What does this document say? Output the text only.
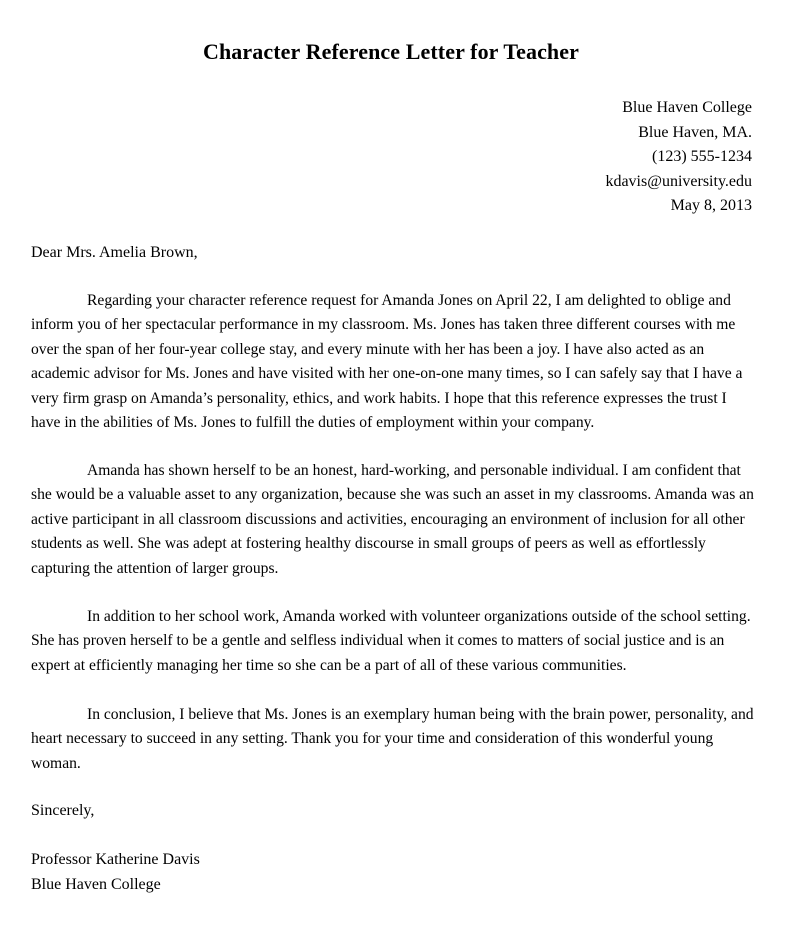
Character Reference Letter for Teacher
Blue Haven College
Blue Haven, MA.
(123) 555-1234
kdavis@university.edu
May 8, 2013
Dear Mrs. Amelia Brown,

Regarding your character reference request for Amanda Jones on April 22, I am delighted to oblige and inform you of her spectacular performance in my classroom. Ms. Jones has taken three different courses with me over the span of her four-year college stay, and every minute with her has been a joy. I have also acted as an academic advisor for Ms. Jones and have visited with her one-on-one many times, so I can safely say that I have a very firm grasp on Amanda’s personality, ethics, and work habits. I hope that this reference expresses the trust I have in the abilities of Ms. Jones to fulfill the duties of employment within your company.

Amanda has shown herself to be an honest, hard-working, and personable individual. I am confident that she would be a valuable asset to any organization, because she was such an asset in my classrooms. Amanda was an active participant in all classroom discussions and activities, encouraging an environment of inclusion for all other students as well. She was adept at fostering healthy discourse in small groups of peers as well as effortlessly capturing the attention of larger groups.

In addition to her school work, Amanda worked with volunteer organizations outside of the school setting. She has proven herself to be a gentle and selfless individual when it comes to matters of social justice and is an expert at efficiently managing her time so she can be a part of all of these various communities.

In conclusion, I believe that Ms. Jones is an exemplary human being with the brain power, personality, and heart necessary to succeed in any setting. Thank you for your time and consideration of this wonderful young woman.

Sincerely,
Professor Katherine Davis
Blue Haven College
